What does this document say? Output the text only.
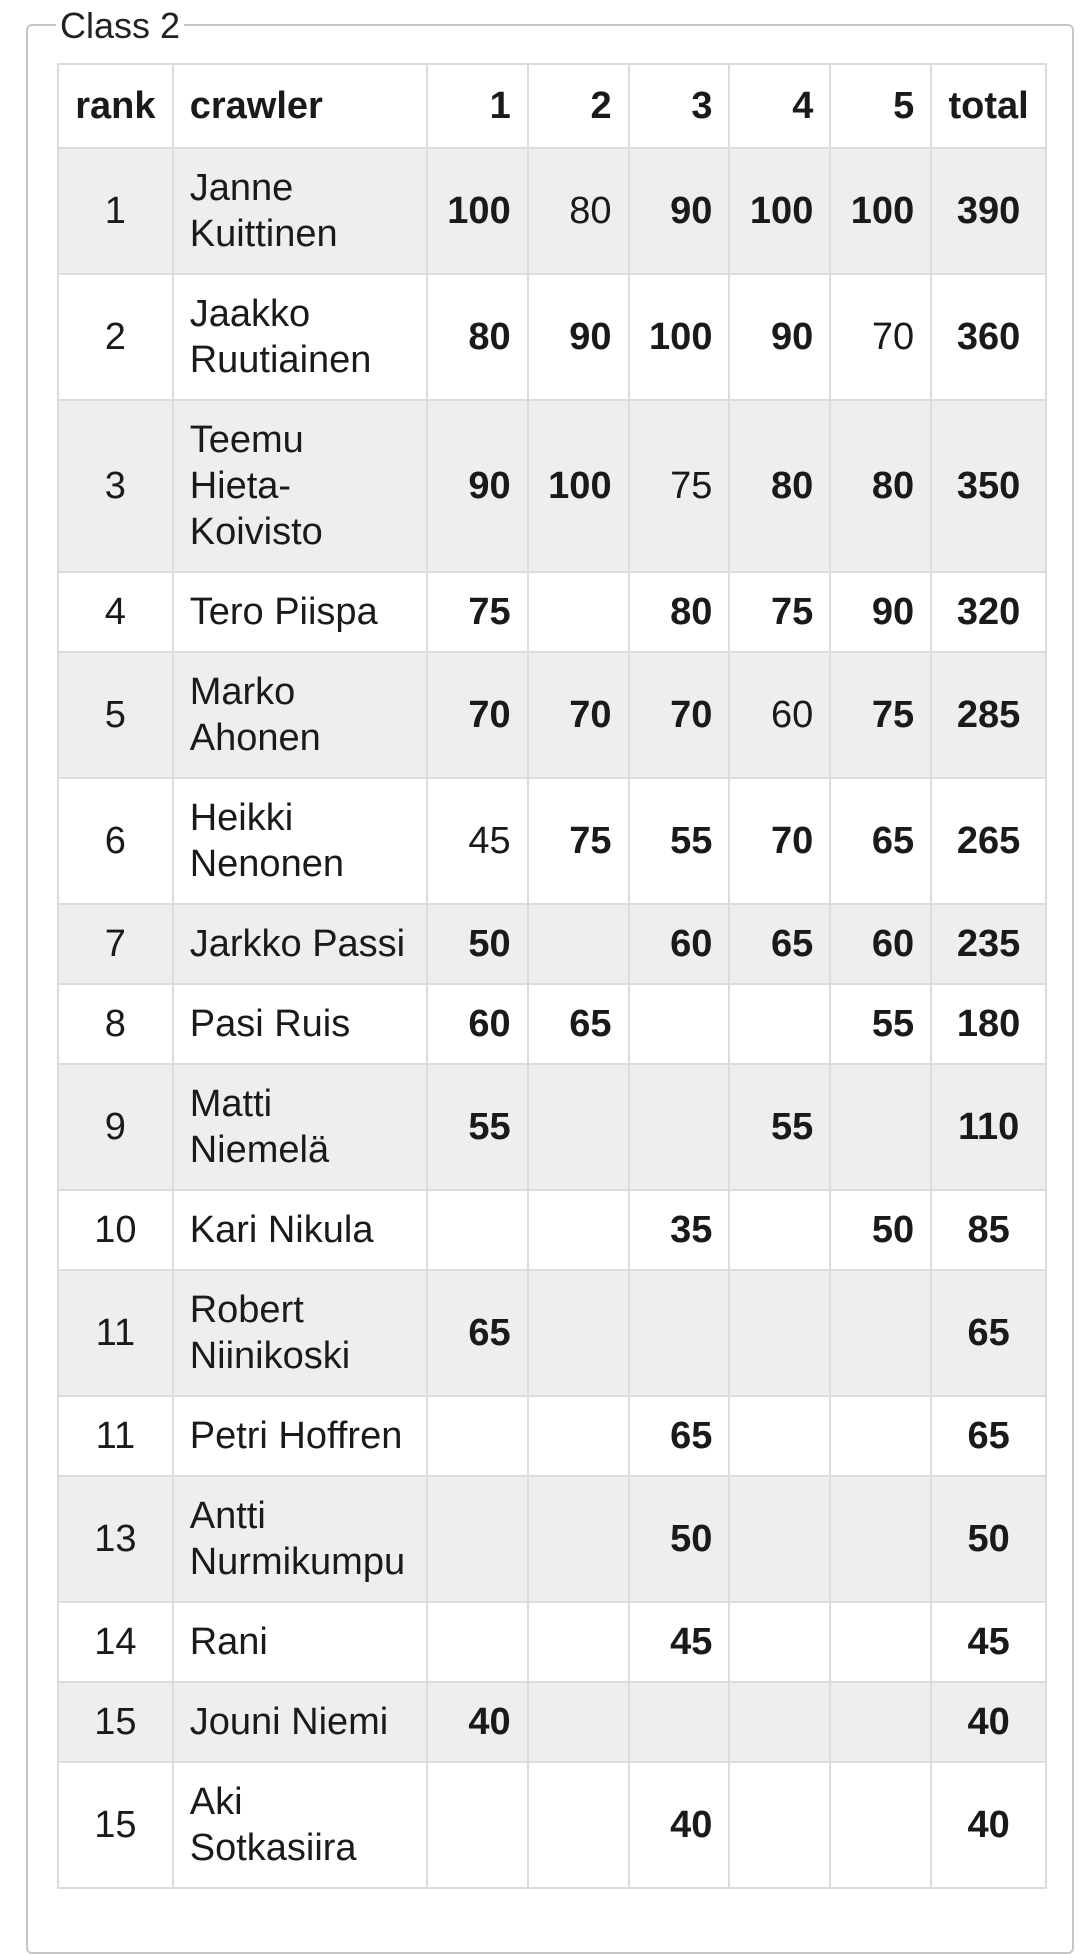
Class 2
rank	crawler	1	2	3	4	5	total
1	Janne Kuittinen	100	80	90	100	100	390
2	Jaakko Ruutiainen	80	90	100	90	70	360
3	Teemu Hieta-Koivisto	90	100	75	80	80	350
4	Tero Piispa	75		80	75	90	320
5	Marko Ahonen	70	70	70	60	75	285
6	Heikki Nenonen	45	75	55	70	65	265
7	Jarkko Passi	50		60	65	60	235
8	Pasi Ruis	60	65			55	180
9	Matti Niemelä	55			55		110
10	Kari Nikula			35		50	85
11	Robert Niinikoski	65					65
11	Petri Hoffren			65			65
13	Antti Nurmikumpu			50			50
14	Rani			45			45
15	Jouni Niemi	40					40
15	Aki Sotkasiira			40			40
